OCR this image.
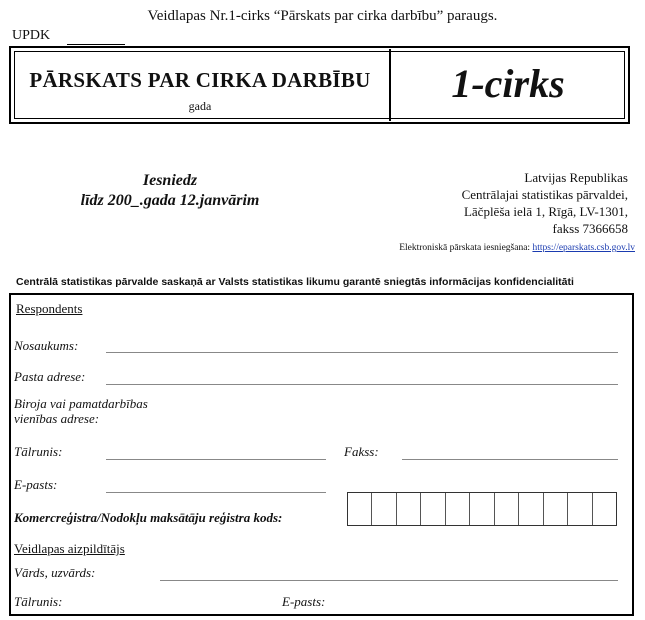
Veidlapas Nr.1-cirks “Pārskats par cirka darbību” paraugs.
UPDK
PĀRSKATS PAR CIRKA DARBĪBU
gada	1-cirks
Iesniedz
līdz 200_.gada 12.janvārim
Latvijas Republikas
Centrālajai statistikas pārvaldei,
Lāčplēša ielā 1, Rīgā, LV-1301,
fakss 7366658
Elektroniskā pārskata iesniegšana: https://eparskats.csb.gov.lv
Centrālā statistikas pārvalde saskaņā ar Valsts statistikas likumu garantē sniegtās informācijas konfidencialitāti
Respondents
Nosaukums:
Pasta adrese:
Biroja vai pamatdarbības
vienības adrese:
Tālrunis:	Fakss:
E-pasts:
Komercreģistra/Nodokļu maksātāju reģistra kods:
Veidlapas aizpildītājs
Vārds, uzvārds:
Tālrunis:	E-pasts:
